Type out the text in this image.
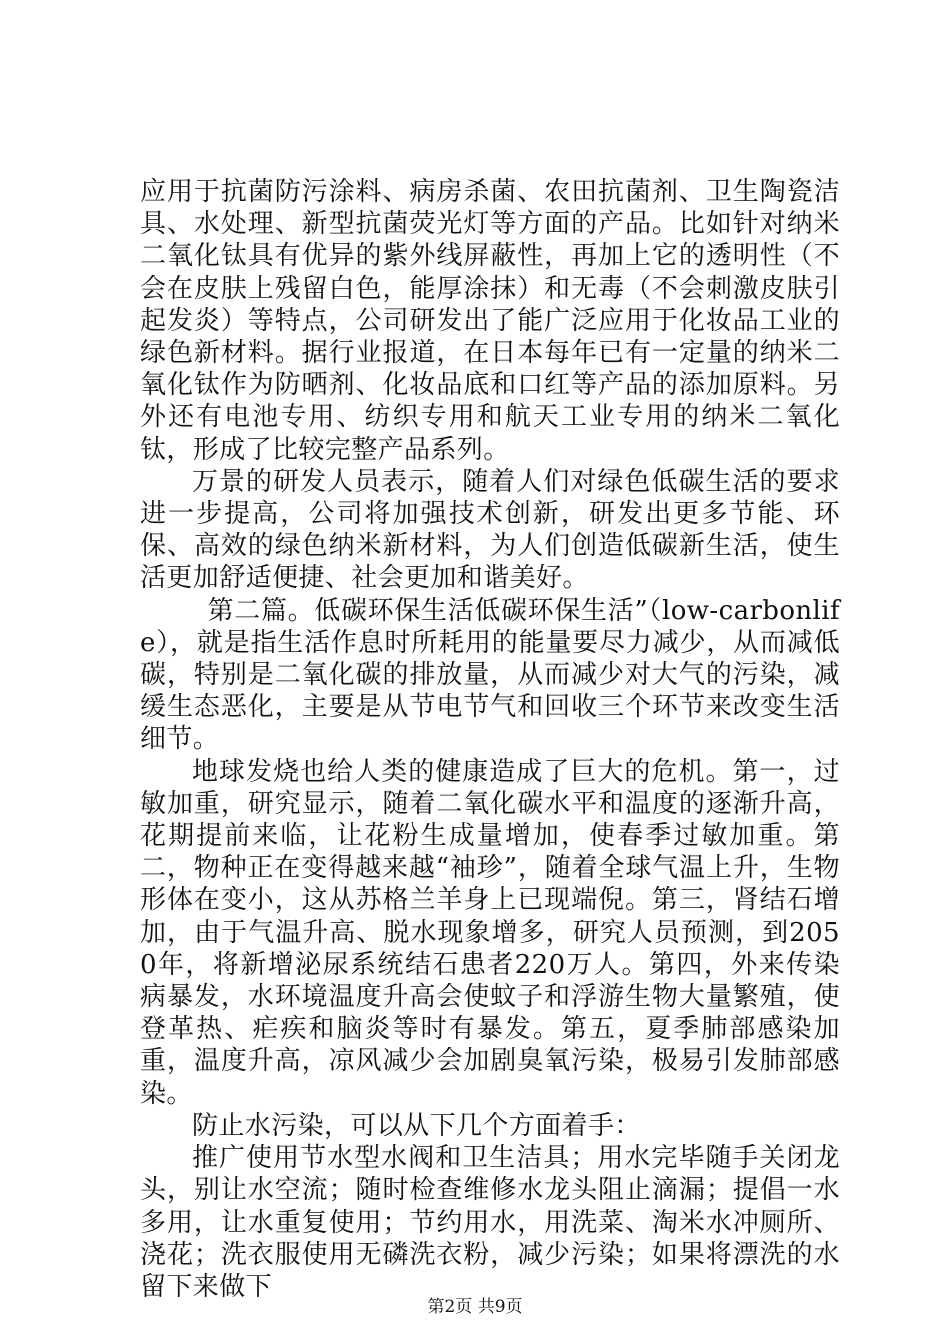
应用于抗菌防污涂料、病房杀菌、农田抗菌剂、卫生陶瓷洁具、水处理、新型抗菌荧光灯等方面的产品。比如针对纳米二氧化钛具有优异的紫外线屏蔽性，再加上它的透明性（不会在皮肤上残留白色，能厚涂抹）和无毒（不会刺激皮肤引起发炎）等特点，公司研发出了能广泛应用于化妆品工业的绿色新材料。据行业报道，在日本每年已有一定量的纳米二氧化钛作为防晒剂、化妆品底和口红等产品的添加原料。另外还有电池专用、纺织专用和航天工业专用的纳米二氧化钛，形成了比较完整产品系列。

万景的研发人员表示，随着人们对绿色低碳生活的要求进一步提高，公司将加强技术创新，研发出更多节能、环保、高效的绿色纳米新材料，为人们创造低碳新生活，使生活更加舒适便捷、社会更加和谐美好。

第二篇。低碳环保生活低碳环保生活”（low-carbonlife），就是指生活作息时所耗用的能量要尽力减少，从而减低碳，特别是二氧化碳的排放量，从而减少对大气的污染，减缓生态恶化，主要是从节电节气和回收三个环节来改变生活细节。

地球发烧也给人类的健康造成了巨大的危机。第一，过敏加重，研究显示，随着二氧化碳水平和温度的逐渐升高，花期提前来临，让花粉生成量增加，使春季过敏加重。第二，物种正在变得越来越“袖珍”，随着全球气温上升，生物形体在变小，这从苏格兰羊身上已现端倪。第三，肾结石增加，由于气温升高、脱水现象增多，研究人员预测，到2050年，将新增泌尿系统结石患者220万人。第四，外来传染病暴发，水环境温度升高会使蚊子和浮游生物大量繁殖，使登革热、疟疾和脑炎等时有暴发。第五，夏季肺部感染加重，温度升高，凉风减少会加剧臭氧污染，极易引发肺部感染。

防止水污染，可以从下几个方面着手：

推广使用节水型水阀和卫生洁具；用水完毕随手关闭龙头，别让水空流；随时检查维修水龙头阻止滴漏；提倡一水多用，让水重复使用；节约用水，用洗菜、淘米水冲厕所、浇花；洗衣服使用无磷洗衣粉，减少污染；如果将漂洗的水留下来做下

第2页 共9页
